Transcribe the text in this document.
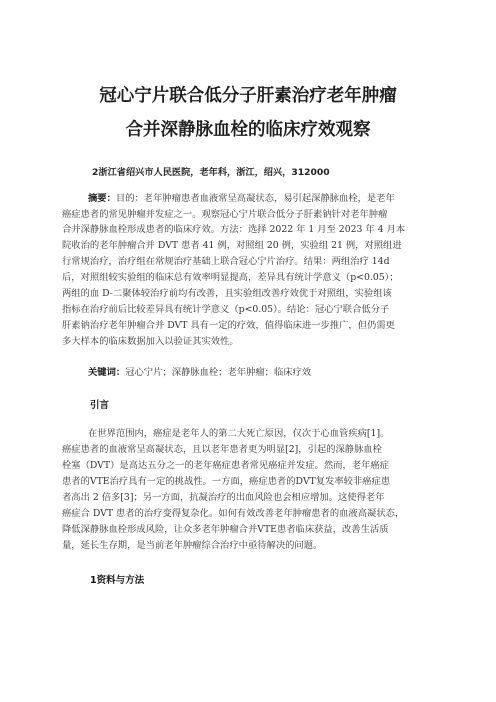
冠心宁片联合低分子肝素治疗老年肿瘤
合并深静脉血栓的临床疗效观察
2浙江省绍兴市人民医院，老年科，浙江，绍兴，312000
摘要：目的：老年肿瘤患者血液常呈高凝状态，易引起深静脉血栓，是老年
癌症患者的常见肿瘤并发症之一。观察冠心宁片联合低分子肝素钠针对老年肿瘤
合并深静脉血栓形成患者的临床疗效。方法：选择 2022 年 1 月至 2023 年 4 月本
院收治的老年肿瘤合并 DVT 患者 41 例，对照组 20 例，实验组 21 例，对照组进
行常规治疗，治疗组在常规治疗基础上联合冠心宁片治疗。结果：两组治疗 14d
后，对照组较实验组的临床总有效率明显提高，差异具有统计学意义（p<0.05）；
两组的血 D-二聚体较治疗前均有改善，且实验组改善疗效优于对照组，实验组该
指标在治疗前后比较差异具有统计学意义（p<0.05）。结论：冠心宁联合低分子
肝素钠治疗老年肿瘤合并 DVT 具有一定的疗效，值得临床进一步推广，但仍需更
多大样本的临床数据加入以验证其实效性。
关键词：冠心宁片；深静脉血栓；老年肿瘤；临床疗效
引言
在世界范围内，癌症是老年人的第二大死亡原因，仅次于心血管疾病[1]。
癌症患者的血液常呈高凝状态，且以老年患者更为明显[2]，引起的深静脉血栓
栓塞（DVT）是高达五分之一的老年癌症患者常见癌症并发症。然而，老年癌症
患者的VTE治疗具有一定的挑战性。一方面，癌症患者的DVT复发率较非癌症患
者高出 2 倍多[3]；另一方面，抗凝治疗的出血风险也会相应增加。这使得老年
癌症合 DVT 患者的治疗变得复杂化。如何有效改善老年肿瘤患者的血液高凝状态，
降低深静脉血栓形成风险，让众多老年肿瘤合并VTE患者临床获益，改善生活质
量，延长生存期，是当前老年肿瘤综合治疗中亟待解决的问题。
1资料与方法
